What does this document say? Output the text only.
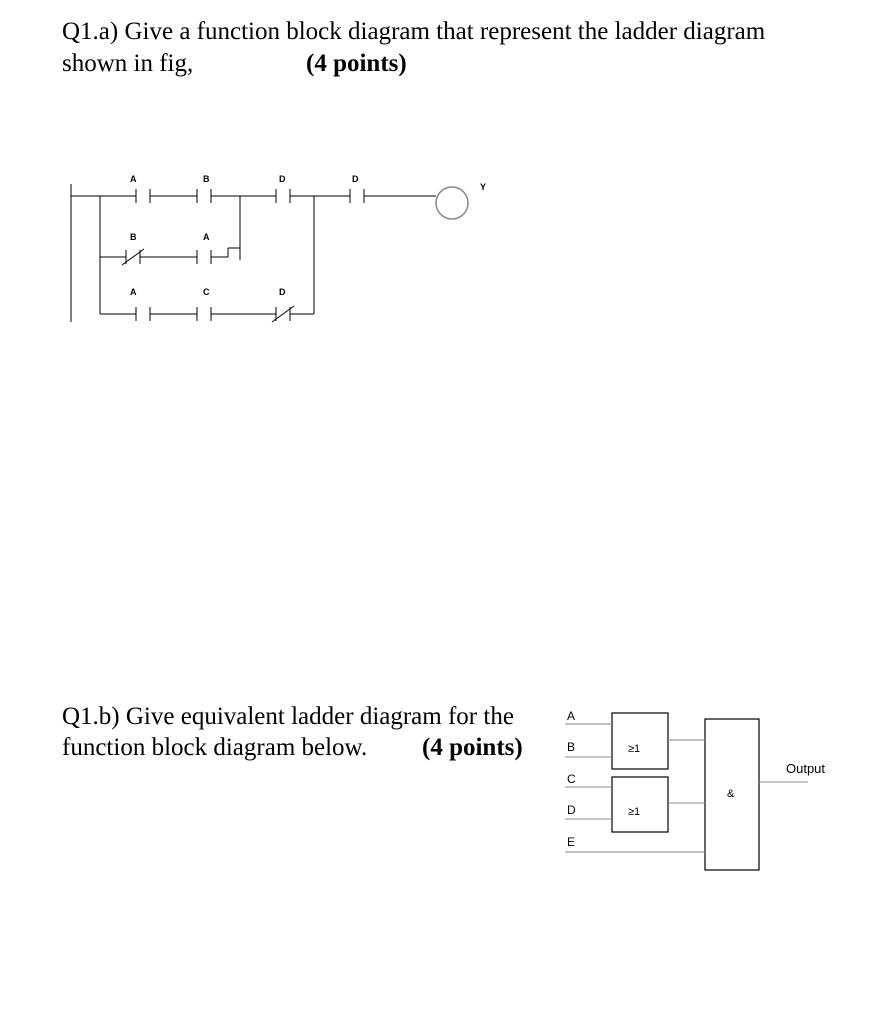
Q1.a) Give a function block diagram that represent the ladder diagram
shown in fig,	(4 points)
A	B	D	D
Y
B	A
A	C	D
Q1.b) Give equivalent ladder diagram for the
function block diagram below. (4 points)
A
B
C
D
E
≥1
≥1
&
Output
